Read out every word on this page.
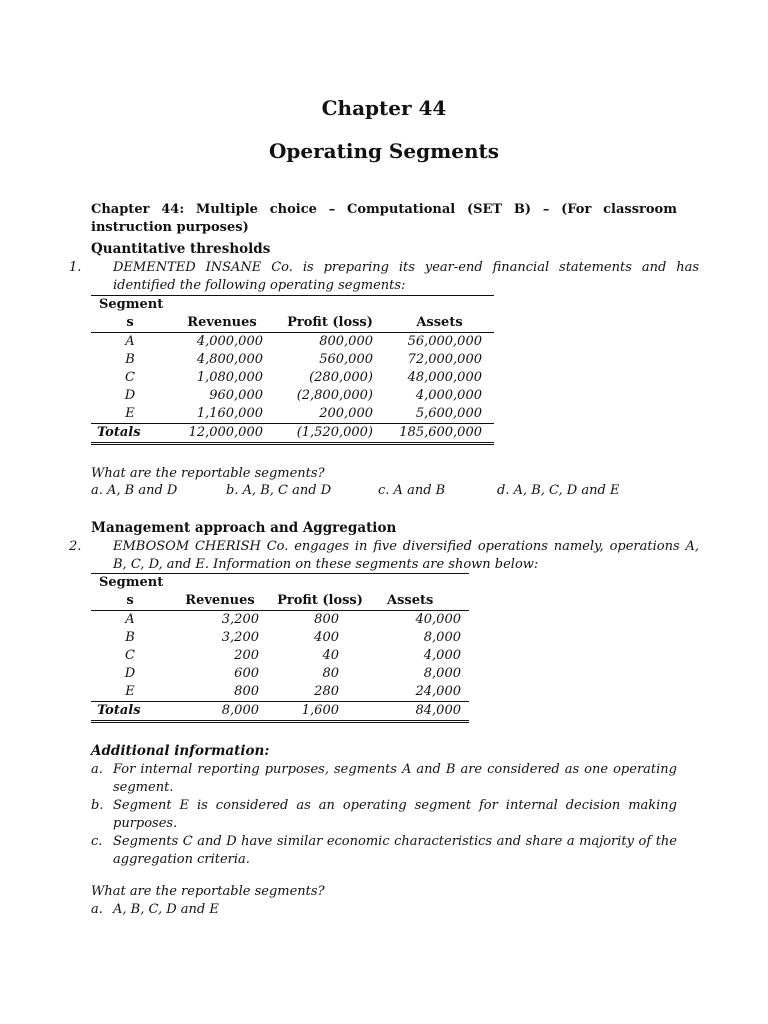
Chapter 44
Operating Segments
Chapter 44: Multiple choice – Computational (SET B) – (For classroom instruction purposes)
Quantitative thresholds
1. DEMENTED INSANE Co. is preparing its year-end financial statements and has identified the following operating segments:
Segment			
s	Revenues	Profit (loss)	Assets
A	4,000,000	800,000	56,000,000
B	4,800,000	560,000	72,000,000
C	1,080,000	(280,000)	48,000,000
D	960,000	(2,800,000)	4,000,000
E	1,160,000	200,000	5,600,000
Totals	12,000,000	(1,520,000)	185,600,000
What are the reportable segments?
a. A, B and D	b. A, B, C and D	c. A and B	d. A, B, C, D and E
Management approach and Aggregation
2. EMBOSOM CHERISH Co. engages in five diversified operations namely, operations A, B, C, D, and E. Information on these segments are shown below:
Segment			
s	Revenues	Profit (loss)	Assets
A	3,200	800	40,000
B	3,200	400	8,000
C	200	40	4,000
D	600	80	8,000
E	800	280	24,000
Totals	8,000	1,600	84,000
Additional information:
a. For internal reporting purposes, segments A and B are considered as one operating segment.
b. Segment E is considered as an operating segment for internal decision making purposes.
c. Segments C and D have similar economic characteristics and share a majority of the aggregation criteria.
What are the reportable segments?
a. A, B, C, D and E
